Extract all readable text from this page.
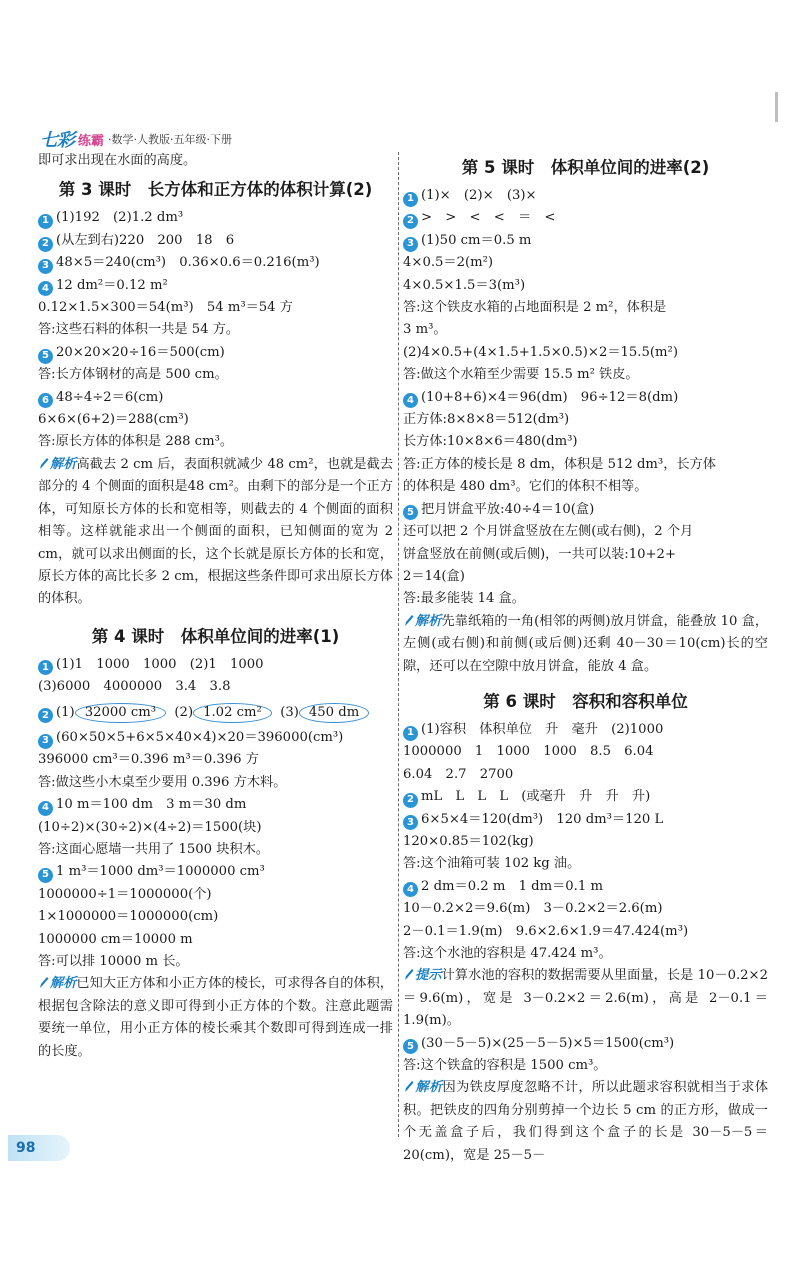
七彩 练霸 ·数学·人教版·五年级·下册
即可求出现在水面的高度。
第 3 课时　长方体和正方体的体积计算(2)
1 (1)192　(2)1.2 dm³
2 (从左到右)220　200　18　6
3 48×5＝240(cm³)　0.36×0.6＝0.216(m³)
4 12 dm²＝0.12 m²
0.12×1.5×300＝54(m³)　54 m³＝54 方
答:这些石料的体积一共是 54 方。
5 20×20×20÷16＝500(cm)
答:长方体钢材的高是 500 cm。
6 48÷4÷2＝6(cm)
6×6×(6+2)＝288(cm³)
答:原长方体的体积是 288 cm³。
解析高截去 2 cm 后，表面积就减少 48 cm²，也就是截去部分的 4 个侧面的面积是48 cm²。由剩下的部分是一个正方体，可知原长方体的长和宽相等，则截去的 4 个侧面的面积相等。这样就能求出一个侧面的面积，已知侧面的宽为 2 cm，就可以求出侧面的长，这个长就是原长方体的长和宽，原长方体的高比长多 2 cm，根据这些条件即可求出原长方体的体积。
第 4 课时　体积单位间的进率(1)
1 (1)1　1000　1000　(2)1　1000
(3)6000　4000000　3.4　3.8
2 (1) 32000 cm³ (2) 1.02 cm² (3) 450 dm
3 (60×50×5+6×5×40×4)×20＝396000(cm³)
396000 cm³＝0.396 m³＝0.396 方
答:做这些小木桌至少要用 0.396 方木料。
4 10 m＝100 dm　3 m＝30 dm
(10÷2)×(30÷2)×(4÷2)＝1500(块)
答:这面心愿墙一共用了 1500 块积木。
5 1 m³＝1000 dm³＝1000000 cm³
1000000÷1＝1000000(个)
1×1000000＝1000000(cm)
1000000 cm＝10000 m
答:可以排 10000 m 长。
解析已知大正方体和小正方体的棱长，可求得各自的体积，根据包含除法的意义即可得到小正方体的个数。注意此题需要统一单位，用小正方体的棱长乘其个数即可得到连成一排的长度。
第 5 课时　体积单位间的进率(2)
1 (1)×　(2)×　(3)×
2 >　>　<　<　＝　<
3 (1)50 cm＝0.5 m
4×0.5＝2(m²)
4×0.5×1.5＝3(m³)
答:这个铁皮水箱的占地面积是 2 m²，体积是
3 m³。
(2)4×0.5+(4×1.5+1.5×0.5)×2＝15.5(m²)
答:做这个水箱至少需要 15.5 m² 铁皮。
4 (10+8+6)×4＝96(dm)　96÷12＝8(dm)
正方体:8×8×8＝512(dm³)
长方体:10×8×6＝480(dm³)
答:正方体的棱长是 8 dm，体积是 512 dm³，长方体
的体积是 480 dm³。它们的体积不相等。
5 把月饼盒平放:40÷4＝10(盒)
还可以把 2 个月饼盒竖放在左侧(或右侧)，2 个月
饼盒竖放在前侧(或后侧)，一共可以装:10+2+
2＝14(盒)
答:最多能装 14 盒。
解析先靠纸箱的一角(相邻的两侧)放月饼盒，能叠放 10 盒，左侧(或右侧)和前侧(或后侧)还剩 40－30＝10(cm)长的空隙，还可以在空隙中放月饼盒，能放 4 盒。
第 6 课时　容积和容积单位
1 (1)容积　体积单位　升　毫升　(2)1000
1000000　1　1000　1000　8.5　6.04
6.04　2.7　2700
2 mL　L　L　L　(或毫升　升　升　升)
3 6×5×4＝120(dm³)　120 dm³＝120 L
120×0.85＝102(kg)
答:这个油箱可装 102 kg 油。
4 2 dm＝0.2 m　1 dm＝0.1 m
10－0.2×2＝9.6(m)　3－0.2×2＝2.6(m)
2－0.1＝1.9(m)　9.6×2.6×1.9＝47.424(m³)
答:这个水池的容积是 47.424 m³。
提示计算水池的容积的数据需要从里面量，长是 10－0.2×2＝9.6(m)，宽是 3－0.2×2＝2.6(m)，高是 2－0.1＝1.9(m)。
5 (30－5－5)×(25－5－5)×5＝1500(cm³)
答:这个铁盒的容积是 1500 cm³。
解析因为铁皮厚度忽略不计，所以此题求容积就相当于求体积。把铁皮的四角分别剪掉一个边长 5 cm 的正方形，做成一个无盖盒子后，我们得到这个盒子的长是 30－5－5＝20(cm)，宽是 25－5－
98
